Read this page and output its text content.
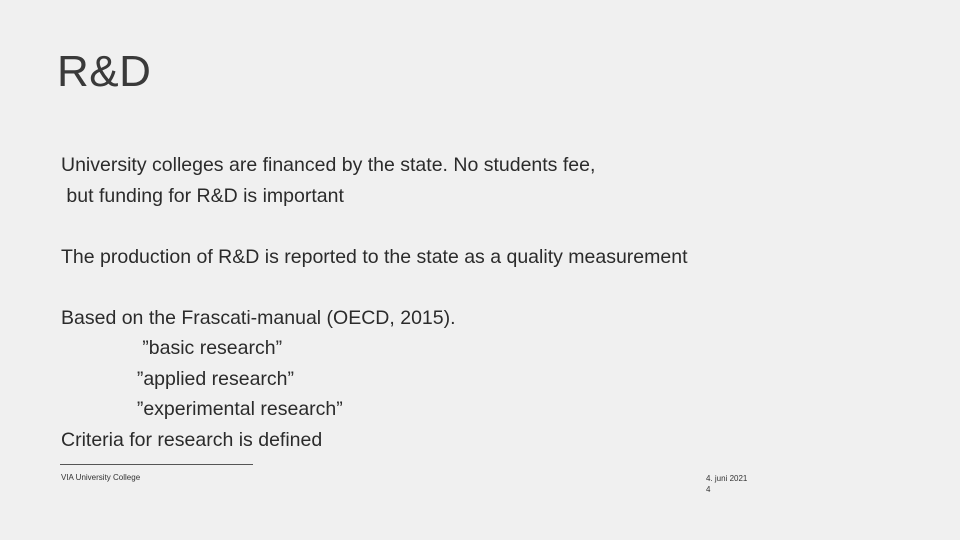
R&D
University colleges are financed by the state. No students fee,
but funding for R&D is important
The production of R&D is reported to the state as a quality measurement
Based on the Frascati-manual (OECD, 2015).
”basic research”
”applied research”
”experimental research”
Criteria for research is defined
VIA University College	4. juni 2021
4
